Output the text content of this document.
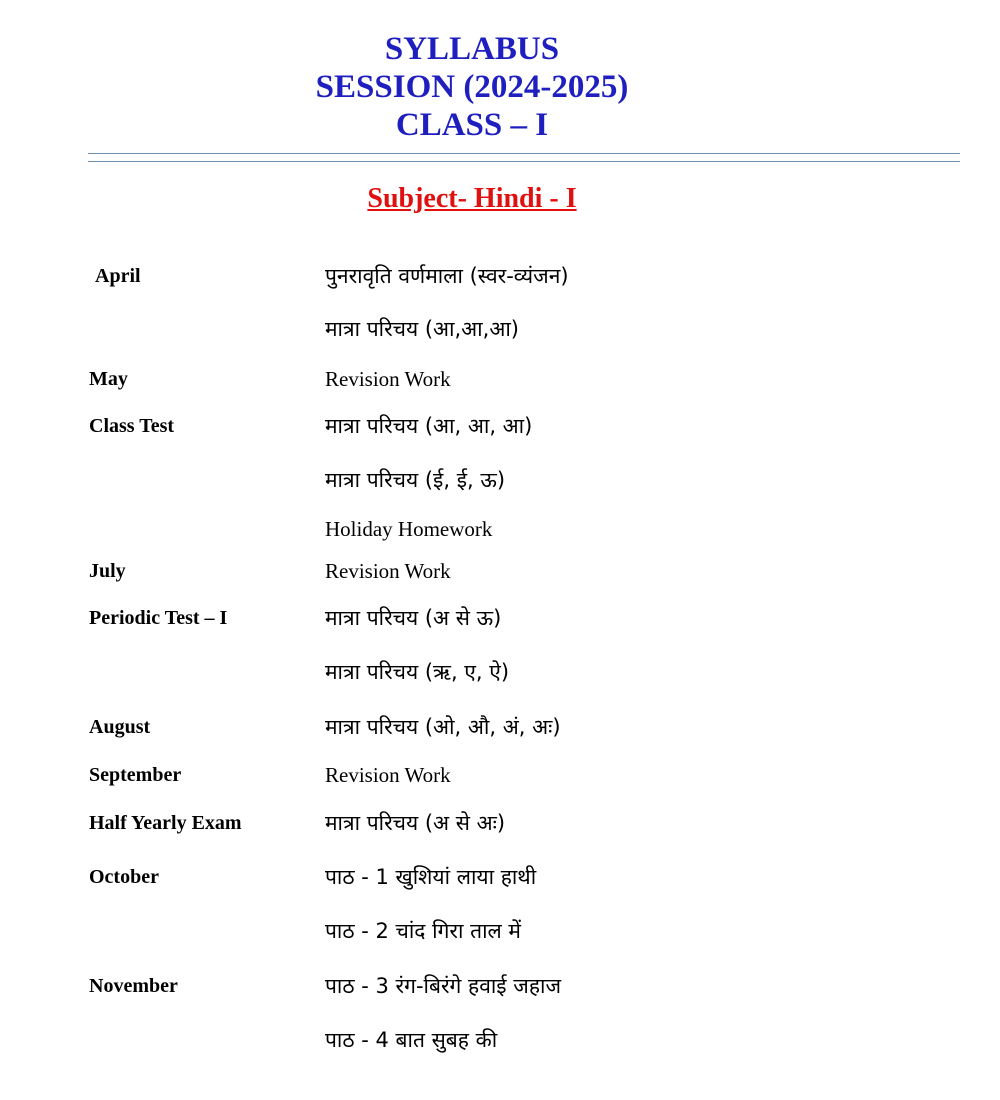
SYLLABUS
SESSION (2024-2025)
CLASS – I
Subject- Hindi - I
April	पुनरावृति वर्णमाला (स्वर-व्यंजन)
मात्रा परिचय (आ,आ,आ)
May	Revision Work
Class Test	मात्रा परिचय (आ, आ, आ)
मात्रा परिचय (ई, ई, ऊ)
Holiday Homework
July	Revision Work
Periodic Test – I	मात्रा परिचय (अ से ऊ)
मात्रा परिचय (ऋ, ए, ऐ)
August	मात्रा परिचय (ओ, औ, अं, अः)
September	Revision Work
Half Yearly Exam	मात्रा परिचय (अ से अः)
October	पाठ - 1 खुशियां लाया हाथी
पाठ - 2 चांद गिरा ताल में
November	पाठ - 3 रंग-बिरंगे हवाई जहाज
पाठ - 4 बात सुबह की
